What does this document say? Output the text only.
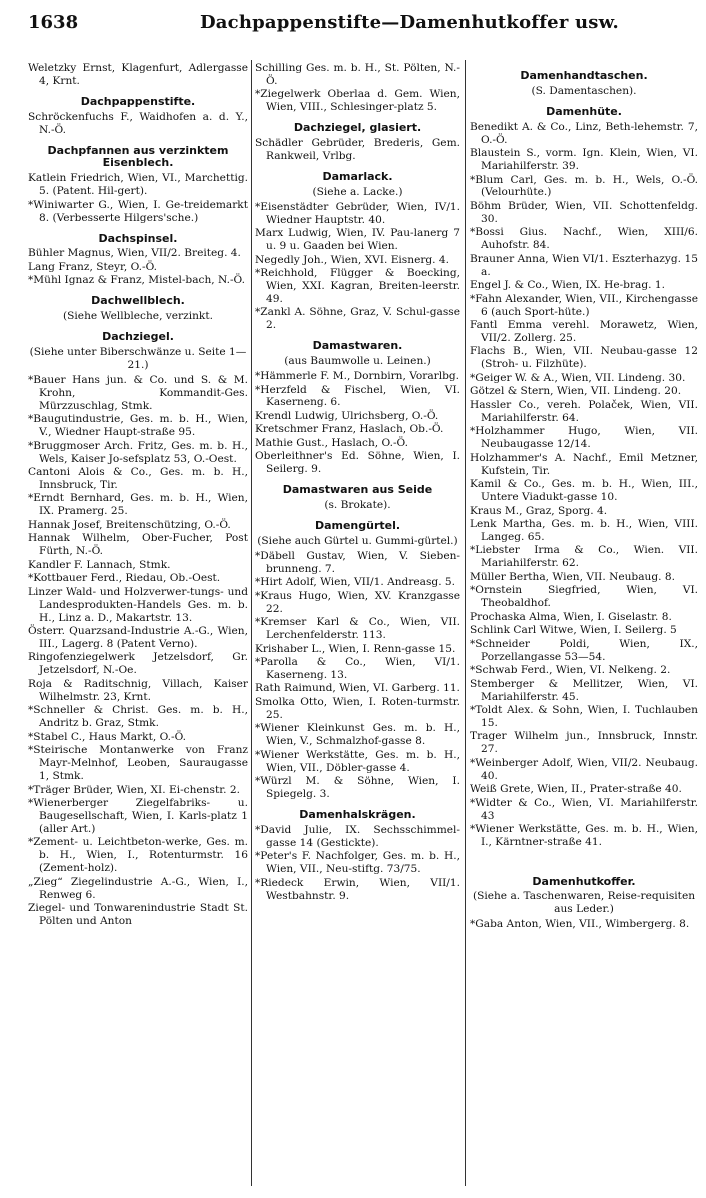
1638	Dachpappenstifte—Damenhutkoffer usw.
Weletzky Ernst, Klagenfurt, Adlergasse 4, Krnt.
Dachpappenstifte.
Schröckenfuchs F., Waidhofen a. d. Y., N.-Ö.
Dachpfannen aus verzinktem Eisenblech.
Katlein Friedrich, Wien, VI., Marchettig. 5. (Patent. Hil-gert).
*Winiwarter G., Wien, I. Ge-treidemarkt 8. (Verbesserte Hilgers'sche.)
Dachspinsel.
Bühler Magnus, Wien, VII/2. Breiteg. 4.
Lang Franz, Steyr, O.-Ö.
*Mühl Ignaz & Franz, Mistel-bach, N.-Ö.
Dachwellblech.
(Siehe Wellbleche, verzinkt.
Dachziegel.
(Siehe unter Biberschwänze u. Seite 1—21.)
*Bauer Hans jun. & Co. und S. & M. Krohn, Kommandit-Ges. Mürzzuschlag, Stmk.
*Baugutindustrie, Ges. m. b. H., Wien, V., Wiedner Haupt-straße 95.
*Bruggmoser Arch. Fritz, Ges. m. b. H., Wels, Kaiser Jo-sefsplatz 53, O.-Oest.
Cantoni Alois & Co., Ges. m. b. H., Innsbruck, Tir.
*Erndt Bernhard, Ges. m. b. H., Wien, IX. Pramerg. 25.
Hannak Josef, Breitenschützing, O.-Ö.
Hannak Wilhelm, Ober-Fucher, Post Fürth, N.-Ö.
Kandler F. Lannach, Stmk.
*Kottbauer Ferd., Riedau, Ob.-Oest.
Linzer Wald- und Holzverwer-tungs- und Landesprodukten-Handels Ges. m. b. H., Linz a. D., Makartstr. 13.
Österr. Quarzsand-Industrie A.-G., Wien, III., Lagerg. 8 (Patent Verno).
Ringofenziegelwerk Jetzelsdorf, Gr. Jetzelsdorf, N.-Oe.
Roja & Raditschnig, Villach, Kaiser Wilhelmstr. 23, Krnt.
*Schneller & Christ. Ges. m. b. H., Andritz b. Graz, Stmk.
*Stabel C., Haus Markt, O.-Ö.
*Steirische Montanwerke von Franz Mayr-Melnhof, Leoben, Sauraugasse 1, Stmk.
*Träger Brüder, Wien, XI. Ei-chenstr. 2.
*Wienerberger Ziegelfabriks- u. Baugesellschaft, Wien, I. Karls-platz 1 (aller Art.)
*Zement- u. Leichtbeton-werke, Ges. m. b. H., Wien, I., Rotenturmstr. 16 (Zement-holz).
„Zieg“ Ziegelindustrie A.-G., Wien, I., Renweg 6.
Ziegel- und Tonwarenindustrie Stadt St. Pölten und Anton
Schilling Ges. m. b. H., St. Pölten, N.-Ö.
*Ziegelwerk Oberlaa d. Gem. Wien, Wien, VIII., Schlesinger-platz 5.
Dachziegel, glasiert.
Schädler Gebrüder, Brederis, Gem. Rankweil, Vrlbg.
Damarlack.
(Siehe a. Lacke.)
*Eisenstädter Gebrüder, Wien, IV/1. Wiedner Hauptstr. 40.
Marx Ludwig, Wien, IV. Pau-lanerg 7 u. 9 u. Gaaden bei Wien.
Negedly Joh., Wien, XVI. Eisnerg. 4.
*Reichhold, Flügger & Boecking, Wien, XXI. Kagran, Breiten-leerstr. 49.
*Zankl A. Söhne, Graz, V. Schul-gasse 2.
Damastwaren.
(aus Baumwolle u. Leinen.)
*Hämmerle F. M., Dornbirn, Vorarlbg.
*Herzfeld & Fischel, Wien, VI. Kaserneng. 6.
Krendl Ludwig, Ulrichsberg, O.-Ö.
Kretschmer Franz, Haslach, Ob.-Ö.
Mathie Gust., Haslach, O.-Ö.
Oberleithner's Ed. Söhne, Wien, I. Seilerg. 9.
Damastwaren aus Seide
(s. Brokate).
Damengürtel.
(Siehe auch Gürtel u. Gummi-gürtel.)
*Däbell Gustav, Wien, V. Sieben-brunneng. 7.
*Hirt Adolf, Wien, VII/1. Andreasg. 5.
*Kraus Hugo, Wien, XV. Kranzgasse 22.
*Kremser Karl & Co., Wien, VII. Lerchenfelderstr. 113.
Krishaber L., Wien, I. Renn-gasse 15.
*Parolla & Co., Wien, VI/1. Kaserneng. 13.
Rath Raimund, Wien, VI. Garberg. 11.
Smolka Otto, Wien, I. Roten-turmstr. 25.
*Wiener Kleinkunst Ges. m. b. H., Wien, V., Schmalzhof-gasse 8.
*Wiener Werkstätte, Ges. m. b. H., Wien, VII., Döbler-gasse 4.
*Würzl M. & Söhne, Wien, I. Spiegelg. 3.
Damenhalskrägen.
*David Julie, IX. Sechsschimmel-gasse 14 (Gestickte).
*Peter's F. Nachfolger, Ges. m. b. H., Wien, VII., Neu-stiftg. 73/75.
*Riedeck Erwin, Wien, VII/1. Westbahnstr. 9.
Damenhandtaschen.
(S. Damentaschen).
Damenhüte.
Benedikt A. & Co., Linz, Beth-lehemstr. 7, O.-Ö.
Blaustein S., vorm. Ign. Klein, Wien, VI. Mariahilferstr. 39.
*Blum Carl, Ges. m. b. H., Wels, O.-Ö. (Velourhüte.)
Böhm Brüder, Wien, VII. Schottenfeldg. 30.
*Bossi Gius. Nachf., Wien, XIII/6. Auhofstr. 84.
Brauner Anna, Wien VI/1. Eszterhazyg. 15 a.
Engel J. & Co., Wien, IX. He-brag. 1.
*Fahn Alexander, Wien, VII., Kirchengasse 6 (auch Sport-hüte.)
Fantl Emma verehl. Morawetz, Wien, VII/2. Zollerg. 25.
Flachs B., Wien, VII. Neubau-gasse 12 (Stroh- u. Filzhüte).
*Geiger W. & A., Wien, VII. Lindeng. 30.
Götzel & Stern, Wien, VII. Lindeng. 20.
Hassler Co., vereh. Polaček, Wien, VII. Mariahilferstr. 64.
*Holzhammer Hugo, Wien, VII. Neubaugasse 12/14.
Holzhammer's A. Nachf., Emil Metzner, Kufstein, Tir.
Kamil & Co., Ges. m. b. H., Wien, III., Untere Viadukt-gasse 10.
Kraus M., Graz, Sporg. 4.
Lenk Martha, Ges. m. b. H., Wien, VIII. Langeg. 65.
*Liebster Irma & Co., Wien. VII. Mariahilferstr. 62.
Müller Bertha, Wien, VII. Neubaug. 8.
*Ornstein Siegfried, Wien, VI. Theobaldhof.
Prochaska Alma, Wien, I. Giselastr. 8.
Schlink Carl Witwe, Wien, I. Seilerg. 5
*Schneider Poldi, Wien, IX., Porzellangasse 53—54.
*Schwab Ferd., Wien, VI. Nelkeng. 2.
Stemberger & Mellitzer, Wien, VI. Mariahilferstr. 45.
*Toldt Alex. & Sohn, Wien, I. Tuchlauben 15.
Trager Wilhelm jun., Innsbruck, Innstr. 27.
*Weinberger Adolf, Wien, VII/2. Neubaug. 40.
Weiß Grete, Wien, II., Prater-straße 40.
*Widter & Co., Wien, VI. Mariahilferstr. 43
*Wiener Werkstätte, Ges. m. b. H., Wien, I., Kärntner-straße 41.
Damenhutkoffer.
(Siehe a. Taschenwaren, Reise-requisiten aus Leder.)
*Gaba Anton, Wien, VII., Wimbergerg. 8.
